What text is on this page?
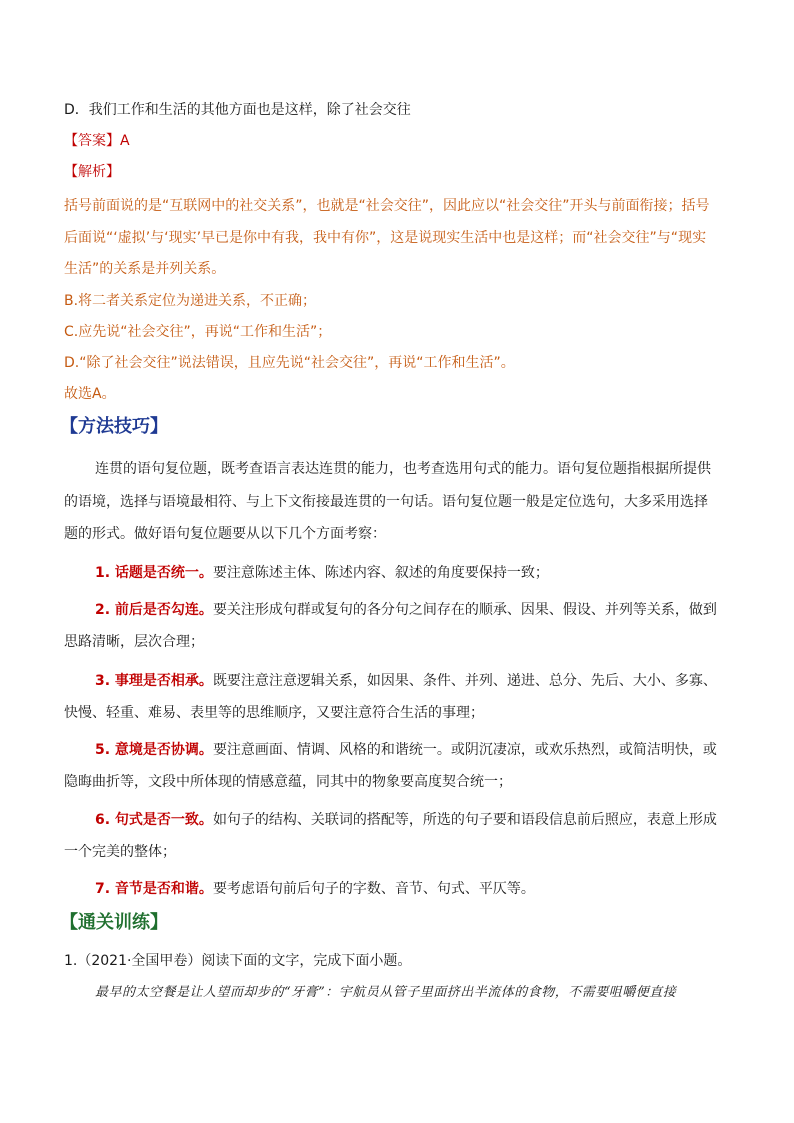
D．我们工作和生活的其他方面也是这样，除了社会交往
【答案】A
【解析】
括号前面说的是“互联网中的社交关系”，也就是“社会交往”，因此应以“社会交往”开头与前面衔接；括号
后面说“‘虚拟’与‘现实’早已是你中有我，我中有你”，这是说现实生活中也是这样；而“社会交往”与“现实
生活”的关系是并列关系。
B.将二者关系定位为递进关系，不正确；
C.应先说“社会交往”，再说“工作和生活”；
D.“除了社会交往”说法错误，且应先说“社会交往”，再说“工作和生活”。
故选A。
【方法技巧】
连贯的语句复位题，既考查语言表达连贯的能力，也考查选用句式的能力。语句复位题指根据所提供
的语境，选择与语境最相符、与上下文衔接最连贯的一句话。语句复位题一般是定位选句，大多采用选择
题的形式。做好语句复位题要从以下几个方面考察：
1. 话题是否统一。要注意陈述主体、陈述内容、叙述的角度要保持一致；
2. 前后是否勾连。要关注形成句群或复句的各分句之间存在的顺承、因果、假设、并列等关系，做到
思路清晰，层次合理；
3. 事理是否相承。既要注意注意逻辑关系，如因果、条件、并列、递进、总分、先后、大小、多寡、
快慢、轻重、难易、表里等的思维顺序，又要注意符合生活的事理；
5. 意境是否协调。要注意画面、情调、风格的和谐统一。或阴沉凄凉，或欢乐热烈，或简洁明快，或
隐晦曲折等，文段中所体现的情感意蕴，同其中的物象要高度契合统一；
6. 句式是否一致。如句子的结构、关联词的搭配等，所选的句子要和语段信息前后照应，表意上形成
一个完美的整体；
7. 音节是否和谐。要考虑语句前后句子的字数、音节、句式、平仄等。
【通关训练】
1.（2021·全国甲卷）阅读下面的文字，完成下面小题。
最早的太空餐是让人望而却步的“牙膏”：宇航员从管子里面挤出半流体的食物，不需要咀嚼便直接
